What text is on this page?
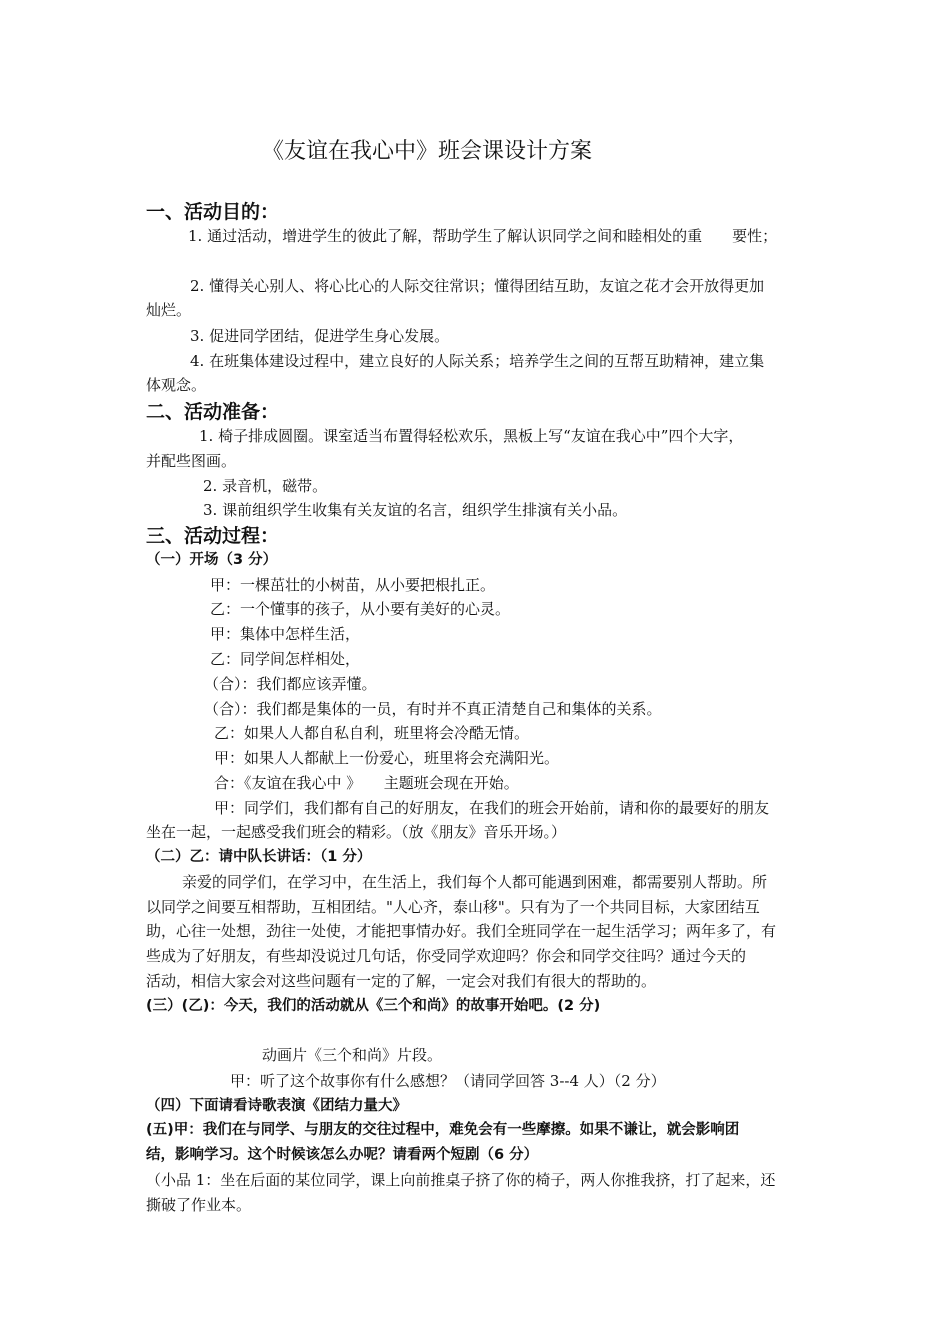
《友谊在我心中》班会课设计方案
一、活动目的：
1. 通过活动，增进学生的彼此了解，帮助学生了解认识同学之间和睦相处的重　　要性；
2. 懂得关心别人、将心比心的人际交往常识；懂得团结互助，友谊之花才会开放得更加
灿烂。
3. 促进同学团结，促进学生身心发展。
4. 在班集体建设过程中，建立良好的人际关系；培养学生之间的互帮互助精神，建立集
体观念。
二、活动准备：
1. 椅子排成圆圈。课室适当布置得轻松欢乐，黑板上写“友谊在我心中”四个大字，
并配些图画。
2. 录音机，磁带。
3. 课前组织学生收集有关友谊的名言，组织学生排演有关小品。
三、活动过程：
（一）开场（3 分）
甲：一棵茁壮的小树苗，从小要把根扎正。
乙：一个懂事的孩子，从小要有美好的心灵。
甲：集体中怎样生活，
乙：同学间怎样相处，
（合）：我们都应该弄懂。
（合）：我们都是集体的一员，有时并不真正清楚自己和集体的关系。
乙：如果人人都自私自利，班里将会冷酷无情。
甲：如果人人都献上一份爱心，班里将会充满阳光。
合：《友谊在我心中 》　　主题班会现在开始。
甲：同学们，我们都有自己的好朋友，在我们的班会开始前，请和你的最要好的朋友
坐在一起，一起感受我们班会的精彩。（放《朋友》音乐开场。）
（二）乙：请中队长讲话：（1 分）
亲爱的同学们，在学习中，在生活上，我们每个人都可能遇到困难，都需要别人帮助。所
以同学之间要互相帮助，互相团结。"人心齐，泰山移"。只有为了一个共同目标，大家团结互
助，心往一处想，劲往一处使，才能把事情办好。我们全班同学在一起生活学习；两年多了，有
些成为了好朋友，有些却没说过几句话，你受同学欢迎吗？你会和同学交往吗？通过今天的
活动，相信大家会对这些问题有一定的了解，一定会对我们有很大的帮助的。
(三）(乙)：今天，我们的活动就从《三个和尚》的故事开始吧。(2 分)
动画片《三个和尚》片段。
甲：听了这个故事你有什么感想？（请同学回答 3--4 人）（2 分）
（四）下面请看诗歌表演《团结力量大》
(五)甲：我们在与同学、与朋友的交往过程中，难免会有一些摩擦。如果不谦让，就会影响团
结，影响学习。这个时候该怎么办呢？请看两个短剧（6 分）
（小品 1：坐在后面的某位同学，课上向前推桌子挤了你的椅子，两人你推我挤，打了起来，还
撕破了作业本。
